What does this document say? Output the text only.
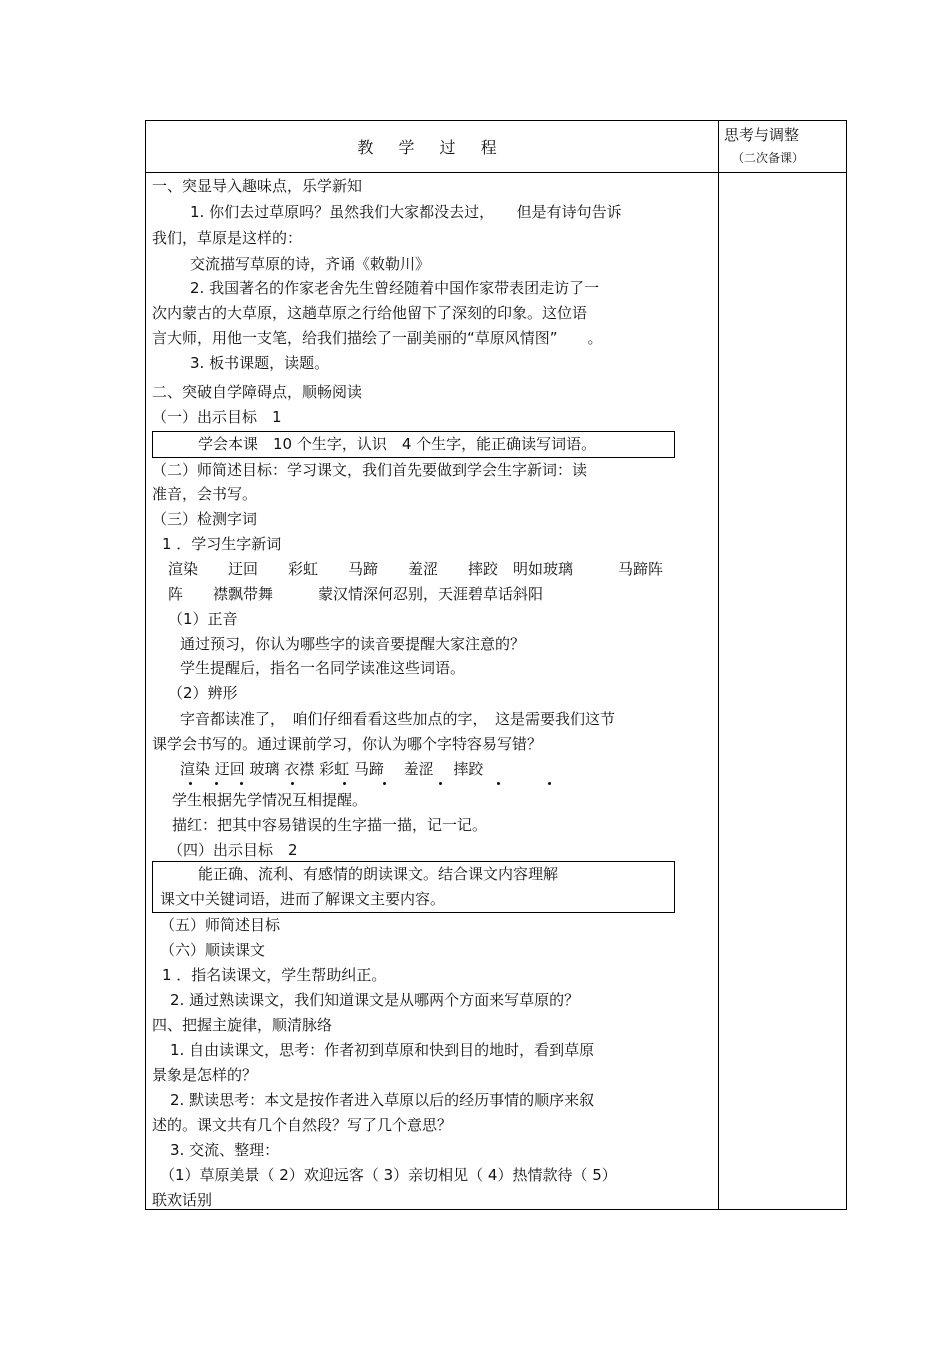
教 学 过 程
思考与调整
（二次备课）
一、突显导入趣味点，乐学新知
1. 你们去过草原吗？虽然我们大家都没去过，　　但是有诗句告诉
我们，草原是这样的：
交流描写草原的诗，齐诵《敕勒川》
2. 我国著名的作家老舍先生曾经随着中国作家带表团走访了一
次内蒙古的大草原，这趟草原之行给他留下了深刻的印象。这位语
言大师，用他一支笔，给我们描绘了一副美丽的“草原风情图”　　。
3. 板书课题，读题。
二、突破自学障碍点，顺畅阅读
（一）出示目标　1
学会本课　10 个生字，认识　4 个生字，能正确读写词语。
（二）师简述目标：学习课文，我们首先要做到学会生字新词：读
准音，会书写。
（三）检测字词
1 ．学习生字新词
渲染　　迂回　　彩虹　　马蹄　　羞涩　　摔跤　明如玻璃　　　马蹄阵
阵　　襟飘带舞　　　蒙汉情深何忍别，天涯碧草话斜阳
（1）正音
通过预习，你认为哪些字的读音要提醒大家注意的？
学生提醒后，指名一名同学读准这些词语。
（2）辨形
字音都读准了，　咱们仔细看看这些加点的字，　这是需要我们这节
课学会书写的。通过课前学习，你认为哪个字特容易写错？
渲染 迂回 玻璃 衣襟 彩虹 马蹄　 羞涩　 摔跤
学生根据先学情况互相提醒。
描红：把其中容易错误的生字描一描，记一记。
（四）出示目标　2
能正确、流利、有感情的朗读课文。结合课文内容理解
课文中关键词语，进而了解课文主要内容。
（五）师简述目标
（六）顺读课文
1 ．指名读课文，学生帮助纠正。
2. 通过熟读课文，我们知道课文是从哪两个方面来写草原的？
四、把握主旋律，顺清脉络
1. 自由读课文，思考：作者初到草原和快到目的地时，看到草原
景象是怎样的？
2. 默读思考：本文是按作者进入草原以后的经历事情的顺序来叙
述的。课文共有几个自然段？写了几个意思？
3. 交流、整理：
（1）草原美景（ 2）欢迎远客（ 3）亲切相见（ 4）热情款待（ 5）
联欢话别
